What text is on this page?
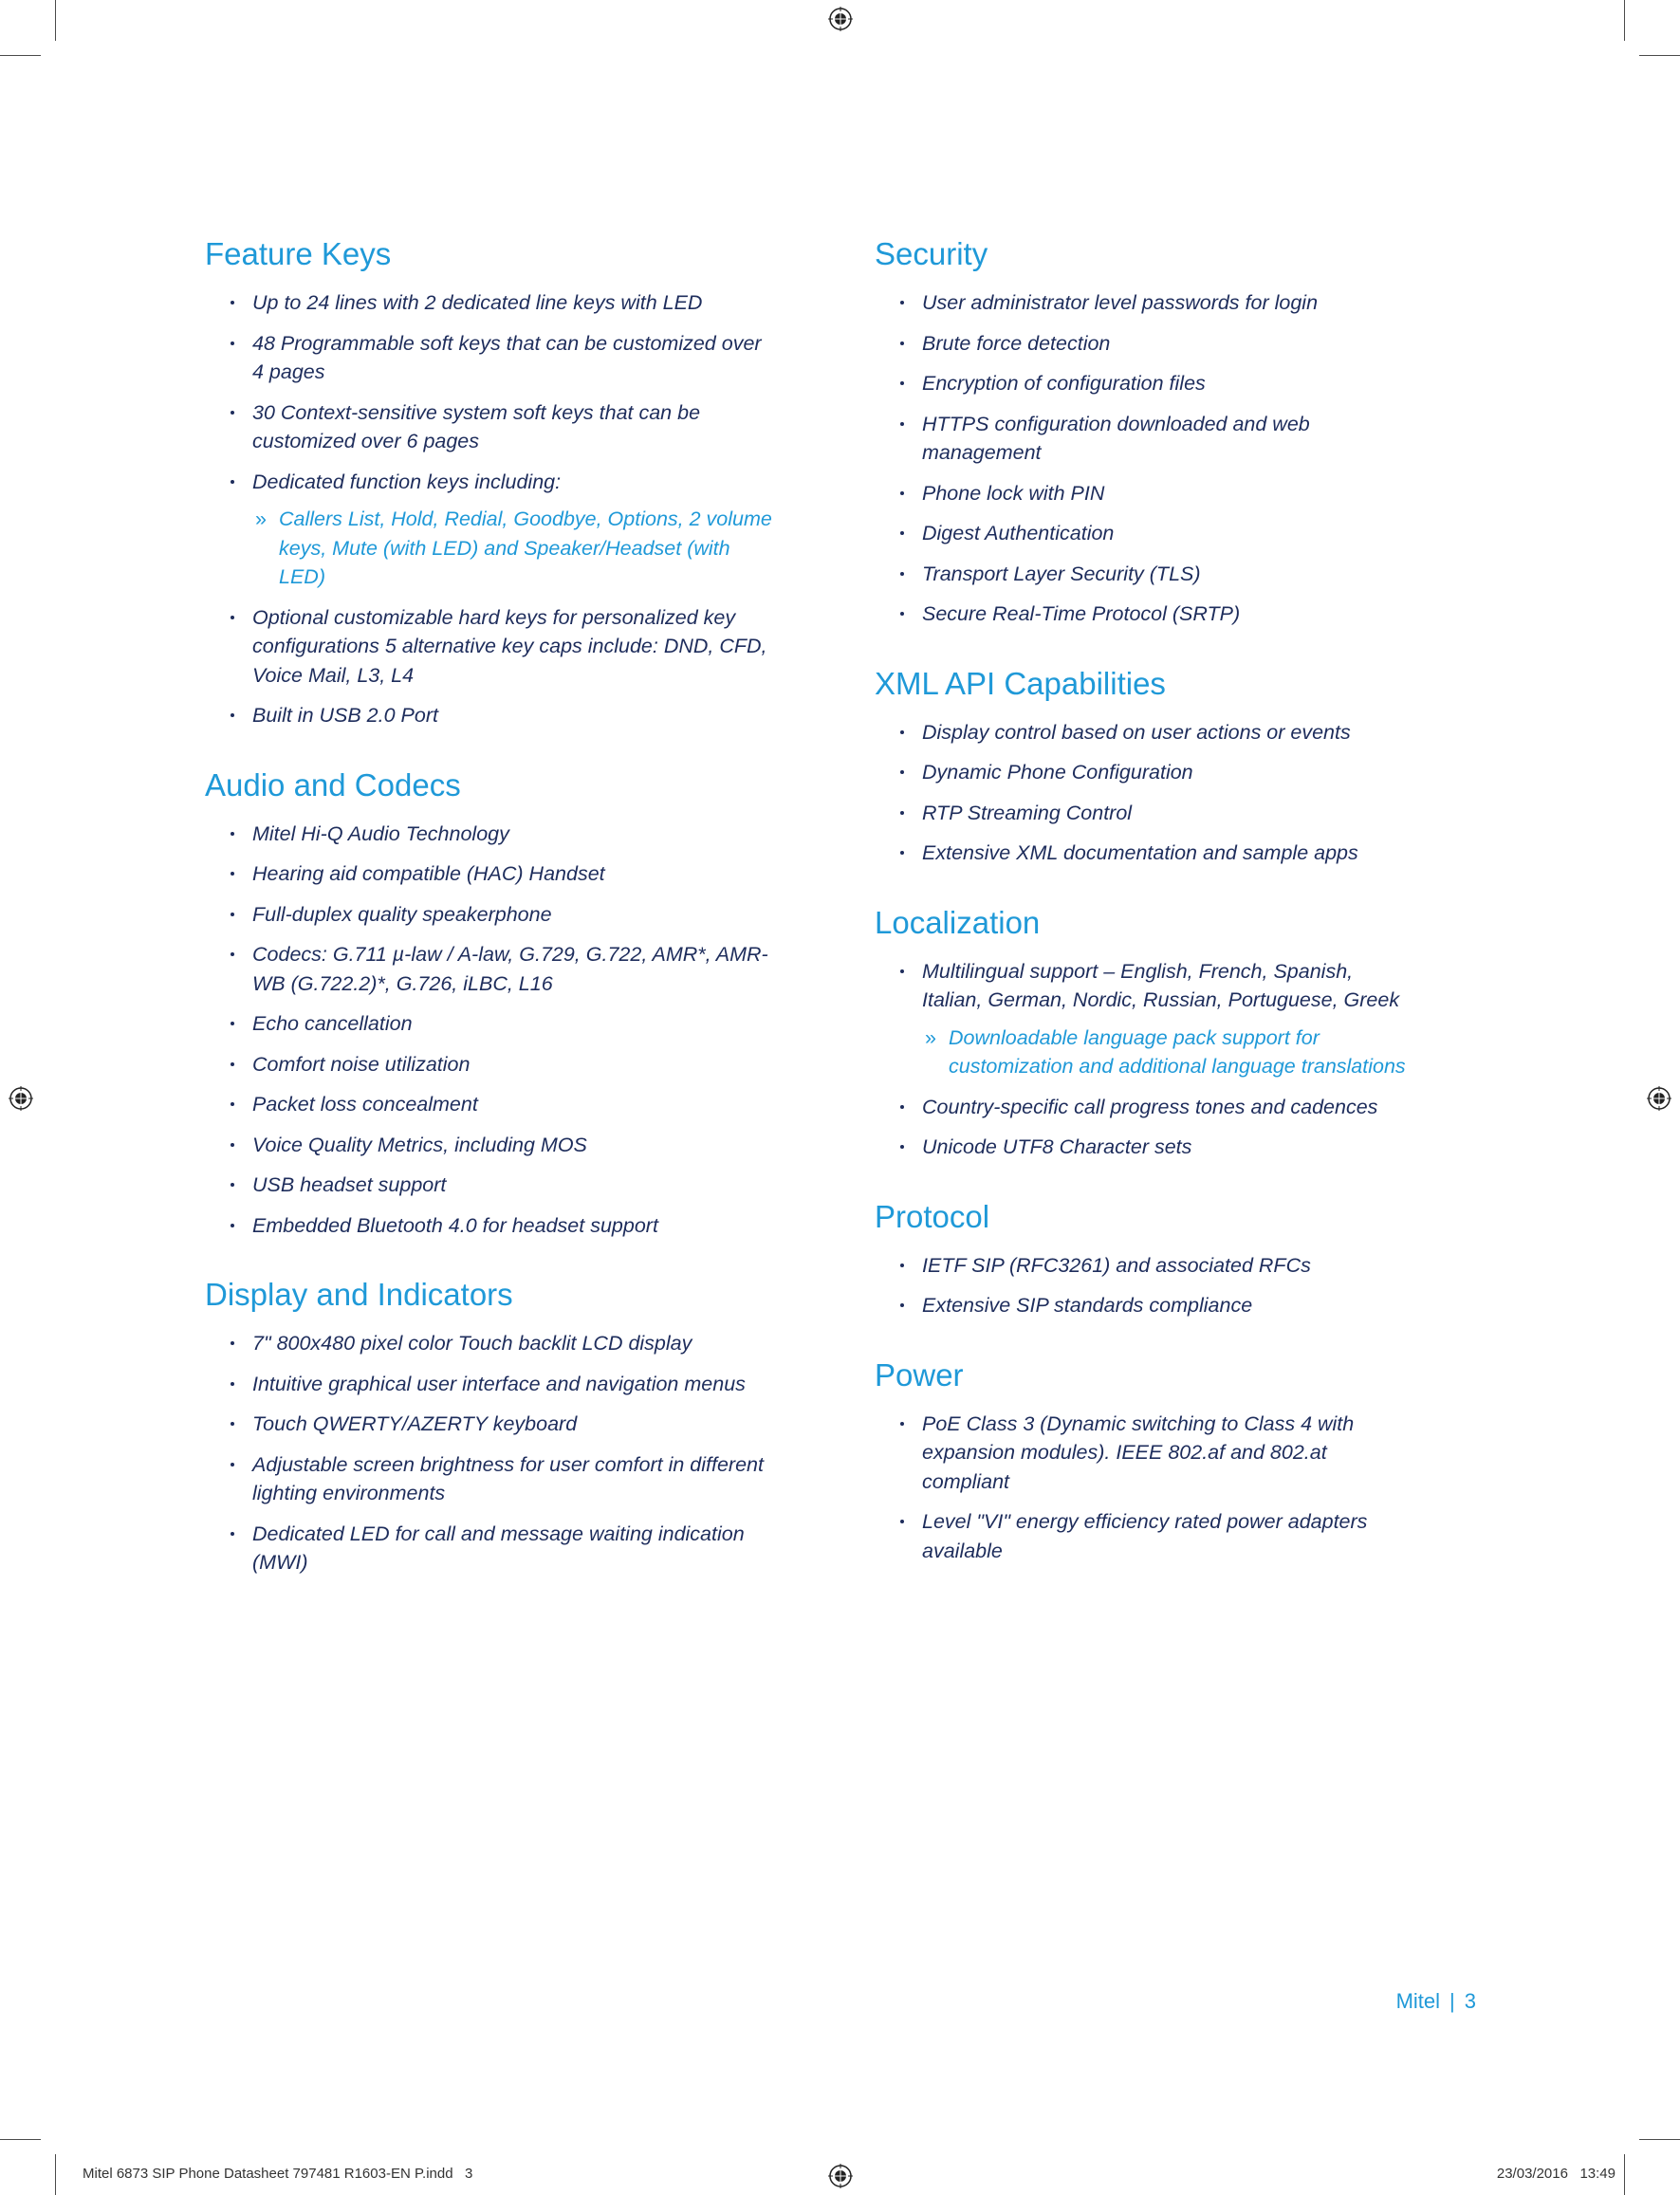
Feature Keys
Up to 24 lines with 2 dedicated line keys with LED
48 Programmable soft keys that can be customized over 4 pages
30 Context-sensitive system soft keys that can be customized over 6 pages
Dedicated function keys including:
» Callers List, Hold, Redial, Goodbye, Options, 2 volume keys, Mute (with LED) and Speaker/Headset (with LED)
Optional customizable hard keys for personalized key configurations 5 alternative key caps include: DND, CFD, Voice Mail, L3, L4
Built in USB 2.0 Port
Audio and Codecs
Mitel Hi-Q Audio Technology
Hearing aid compatible (HAC) Handset
Full-duplex quality speakerphone
Codecs: G.711 µ-law / A-law, G.729, G.722, AMR*, AMR-WB (G.722.2)*, G.726, iLBC, L16
Echo cancellation
Comfort noise utilization
Packet loss concealment
Voice Quality Metrics, including MOS
USB headset support
Embedded Bluetooth 4.0 for headset support
Display and Indicators
7" 800x480 pixel color Touch backlit LCD display
Intuitive graphical user interface and navigation menus
Touch QWERTY/AZERTY keyboard
Adjustable screen brightness for user comfort in different lighting environments
Dedicated LED for call and message waiting indication (MWI)
Security
User administrator level passwords for login
Brute force detection
Encryption of configuration files
HTTPS configuration downloaded and web management
Phone lock with PIN
Digest Authentication
Transport Layer Security (TLS)
Secure Real-Time Protocol (SRTP)
XML API Capabilities
Display control based on user actions or events
Dynamic Phone Configuration
RTP Streaming Control
Extensive XML documentation and sample apps
Localization
Multilingual support – English, French, Spanish, Italian, German, Nordic, Russian, Portuguese, Greek
» Downloadable language pack support for customization and additional language translations
Country-specific call progress tones and cadences
Unicode UTF8 Character sets
Protocol
IETF SIP (RFC3261) and associated RFCs
Extensive SIP standards compliance
Power
PoE Class 3 (Dynamic switching to Class 4 with expansion modules). IEEE 802.af and 802.at compliant
Level "VI" energy efficiency rated power adapters available
Mitel | 3
Mitel 6873 SIP Phone Datasheet 797481 R1603-EN P.indd   3	23/03/2016   13:49
